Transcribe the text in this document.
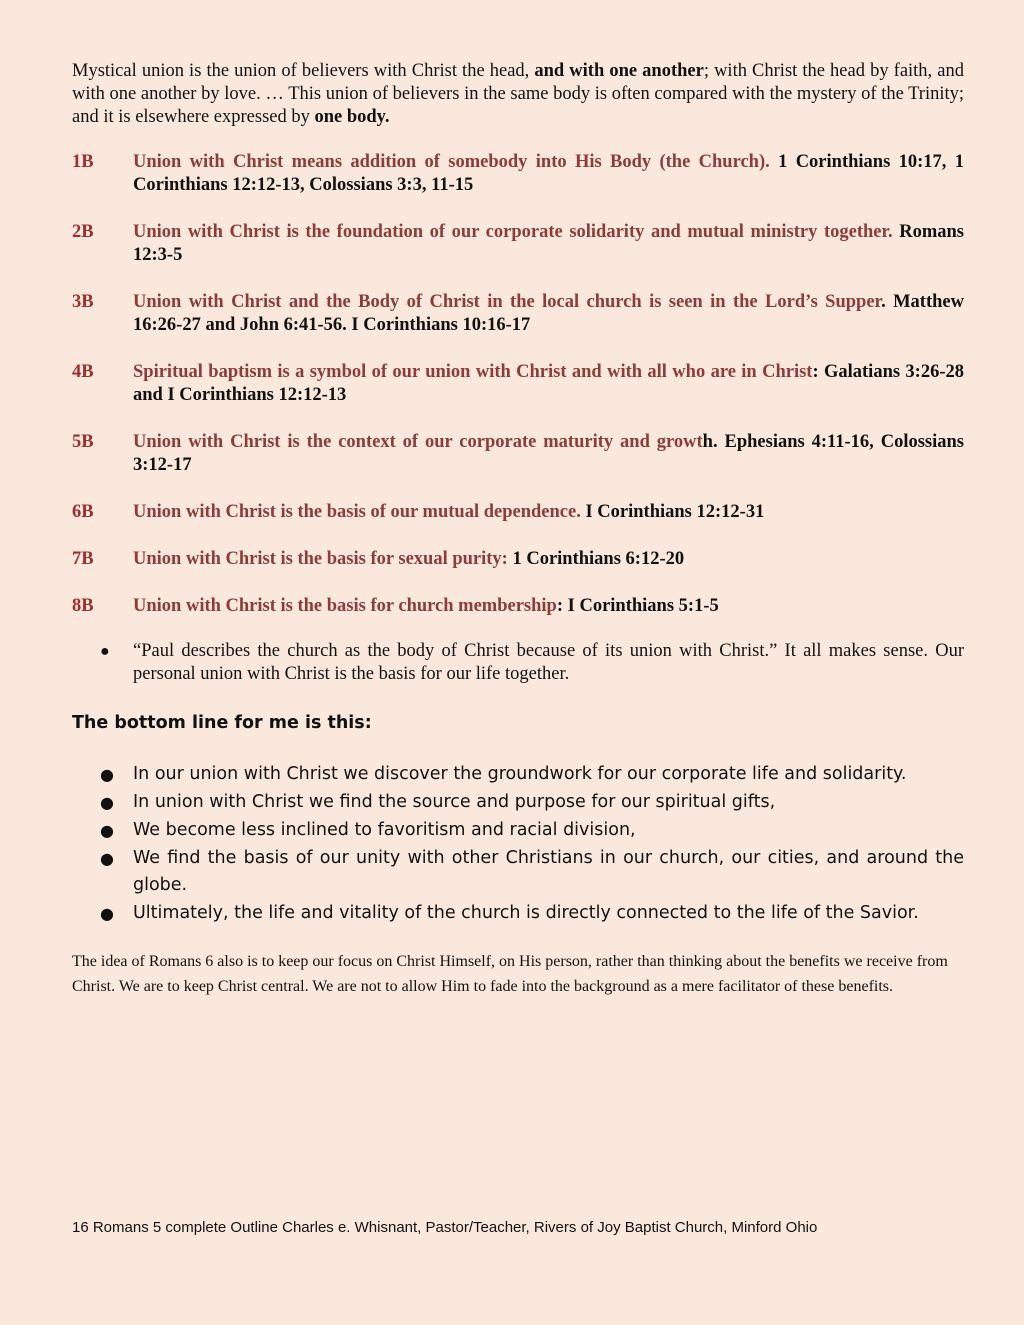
Mystical union is the union of believers with Christ the head, and with one another; with Christ the head by faith, and with one another by love. … This union of believers in the same body is often compared with the mystery of the Trinity; and it is elsewhere expressed by one body.

1B	Union with Christ means addition of somebody into His Body (the Church). 1 Corinthians 10:17, 1 Corinthians 12:12-13, Colossians 3:3, 11-15
2B	Union with Christ is the foundation of our corporate solidarity and mutual ministry together. Romans 12:3-5
3B	Union with Christ and the Body of Christ in the local church is seen in the Lord’s Supper. Matthew 16:26-27 and John 6:41-56. I Corinthians 10:16-17
4B	Spiritual baptism is a symbol of our union with Christ and with all who are in Christ: Galatians 3:26-28 and I Corinthians 12:12-13
5B	Union with Christ is the context of our corporate maturity and growth. Ephesians 4:11-16, Colossians 3:12-17
6B	Union with Christ is the basis of our mutual dependence. I Corinthians 12:12-31
7B	Union with Christ is the basis for sexual purity: 1 Corinthians 6:12-20
8B	Union with Christ is the basis for church membership: I Corinthians 5:1-5
● “Paul describes the church as the body of Christ because of its union with Christ.” It all makes sense. Our personal union with Christ is the basis for our life together.

The bottom line for me is this:

● In our union with Christ we discover the groundwork for our corporate life and solidarity.
● In union with Christ we find the source and purpose for our spiritual gifts,
● We become less inclined to favoritism and racial division,
● We find the basis of our unity with other Christians in our church, our cities, and around the globe.
● Ultimately, the life and vitality of the church is directly connected to the life of the Savior.

The idea of Romans 6 also is to keep our focus on Christ Himself, on His person, rather than thinking about the benefits we receive from Christ. We are to keep Christ central. We are not to allow Him to fade into the background as a mere facilitator of these benefits.

16 Romans 5 complete Outline Charles e. Whisnant, Pastor/Teacher, Rivers of Joy Baptist Church, Minford Ohio
